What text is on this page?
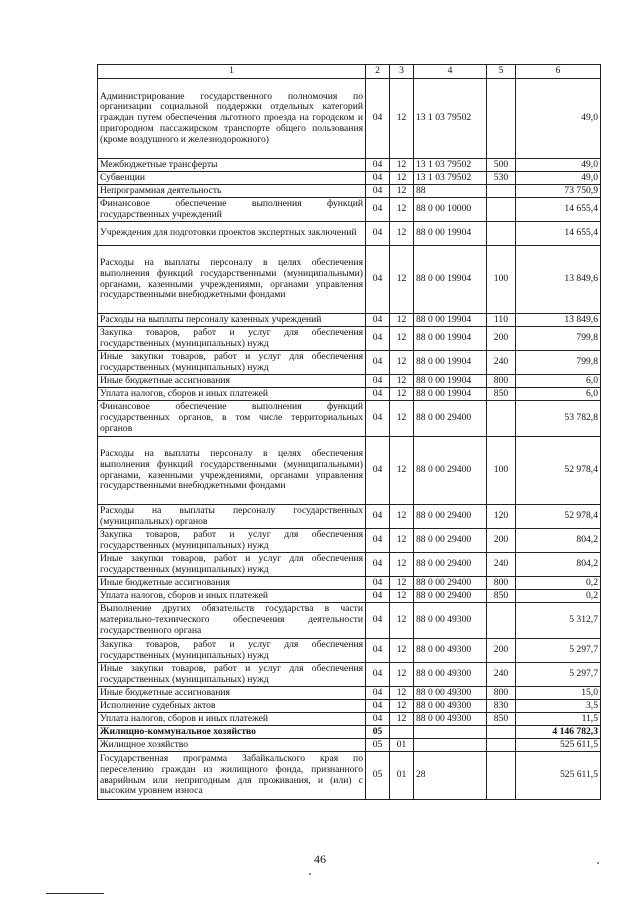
1	2	3	4	5	6
Администрирование государственного полномочия по организации социальной поддержки отдельных категорий граждан путем обеспечения льготного проезда на городском и пригородном пассажирском транспорте общего пользования (кроме воздушного и железнодорожного)	04	12	13 1 03 79502		49,0
Межбюджетные трансферты	04	12	13 1 03 79502	500	49,0
Субвенции	04	12	13 1 03 79502	530	49,0
Непрограммная деятельность	04	12	88		73 750,9
Финансовое обеспечение выполнения функций государственных учреждений	04	12	88 0 00 10000		14 655,4
Учреждения для подготовки проектов экспертных заключений	04	12	88 0 00 19904		14 655,4
Расходы на выплаты персоналу в целях обеспечения выполнения функций государственными (муниципальными) органами, казенными учреждениями, органами управления государственными внебюджетными фондами	04	12	88 0 00 19904	100	13 849,6
Расходы на выплаты персоналу казенных учреждений	04	12	88 0 00 19904	110	13 849,6
Закупка товаров, работ и услуг для обеспечения государственных (муниципальных) нужд	04	12	88 0 00 19904	200	799,8
Иные закупки товаров, работ и услуг для обеспечения государственных (муниципальных) нужд	04	12	88 0 00 19904	240	799,8
Иные бюджетные ассигнования	04	12	88 0 00 19904	800	6,0
Уплата налогов, сборов и иных платежей	04	12	88 0 00 19904	850	6,0
Финансовое обеспечение выполнения функций государственных органов, в том числе территориальных органов	04	12	88 0 00 29400		53 782,8
Расходы на выплаты персоналу в целях обеспечения выполнения функций государственными (муниципальными) органами, казенными учреждениями, органами управления государственными внебюджетными фондами	04	12	88 0 00 29400	100	52 978,4
Расходы на выплаты персоналу государственных (муниципальных) органов	04	12	88 0 00 29400	120	52 978,4
Закупка товаров, работ и услуг для обеспечения государственных (муниципальных) нужд	04	12	88 0 00 29400	200	804,2
Иные закупки товаров, работ и услуг для обеспечения государственных (муниципальных) нужд	04	12	88 0 00 29400	240	804,2
Иные бюджетные ассигнования	04	12	88 0 00 29400	800	0,2
Уплата налогов, сборов и иных платежей	04	12	88 0 00 29400	850	0,2
Выполнение других обязательств государства в части материально-технического обеспечения деятельности государственного органа	04	12	88 0 00 49300		5 312,7
Закупка товаров, работ и услуг для обеспечения государственных (муниципальных) нужд	04	12	88 0 00 49300	200	5 297,7
Иные закупки товаров, работ и услуг для обеспечения государственных (муниципальных) нужд	04	12	88 0 00 49300	240	5 297,7
Иные бюджетные ассигнования	04	12	88 0 00 49300	800	15,0
Исполнение судебных актов	04	12	88 0 00 49300	830	3,5
Уплата налогов, сборов и иных платежей	04	12	88 0 00 49300	850	11,5
Жилищно-коммунальное хозяйство	05				4 146 782,3
Жилищное хозяйство	05	01			525 611,5
Государственная программа Забайкальского края по переселению граждан из жилищного фонда, признанного аварийным или непригодным для проживания, и (или) с высоким уровнем износа	05	01	28		525 611,5
46
